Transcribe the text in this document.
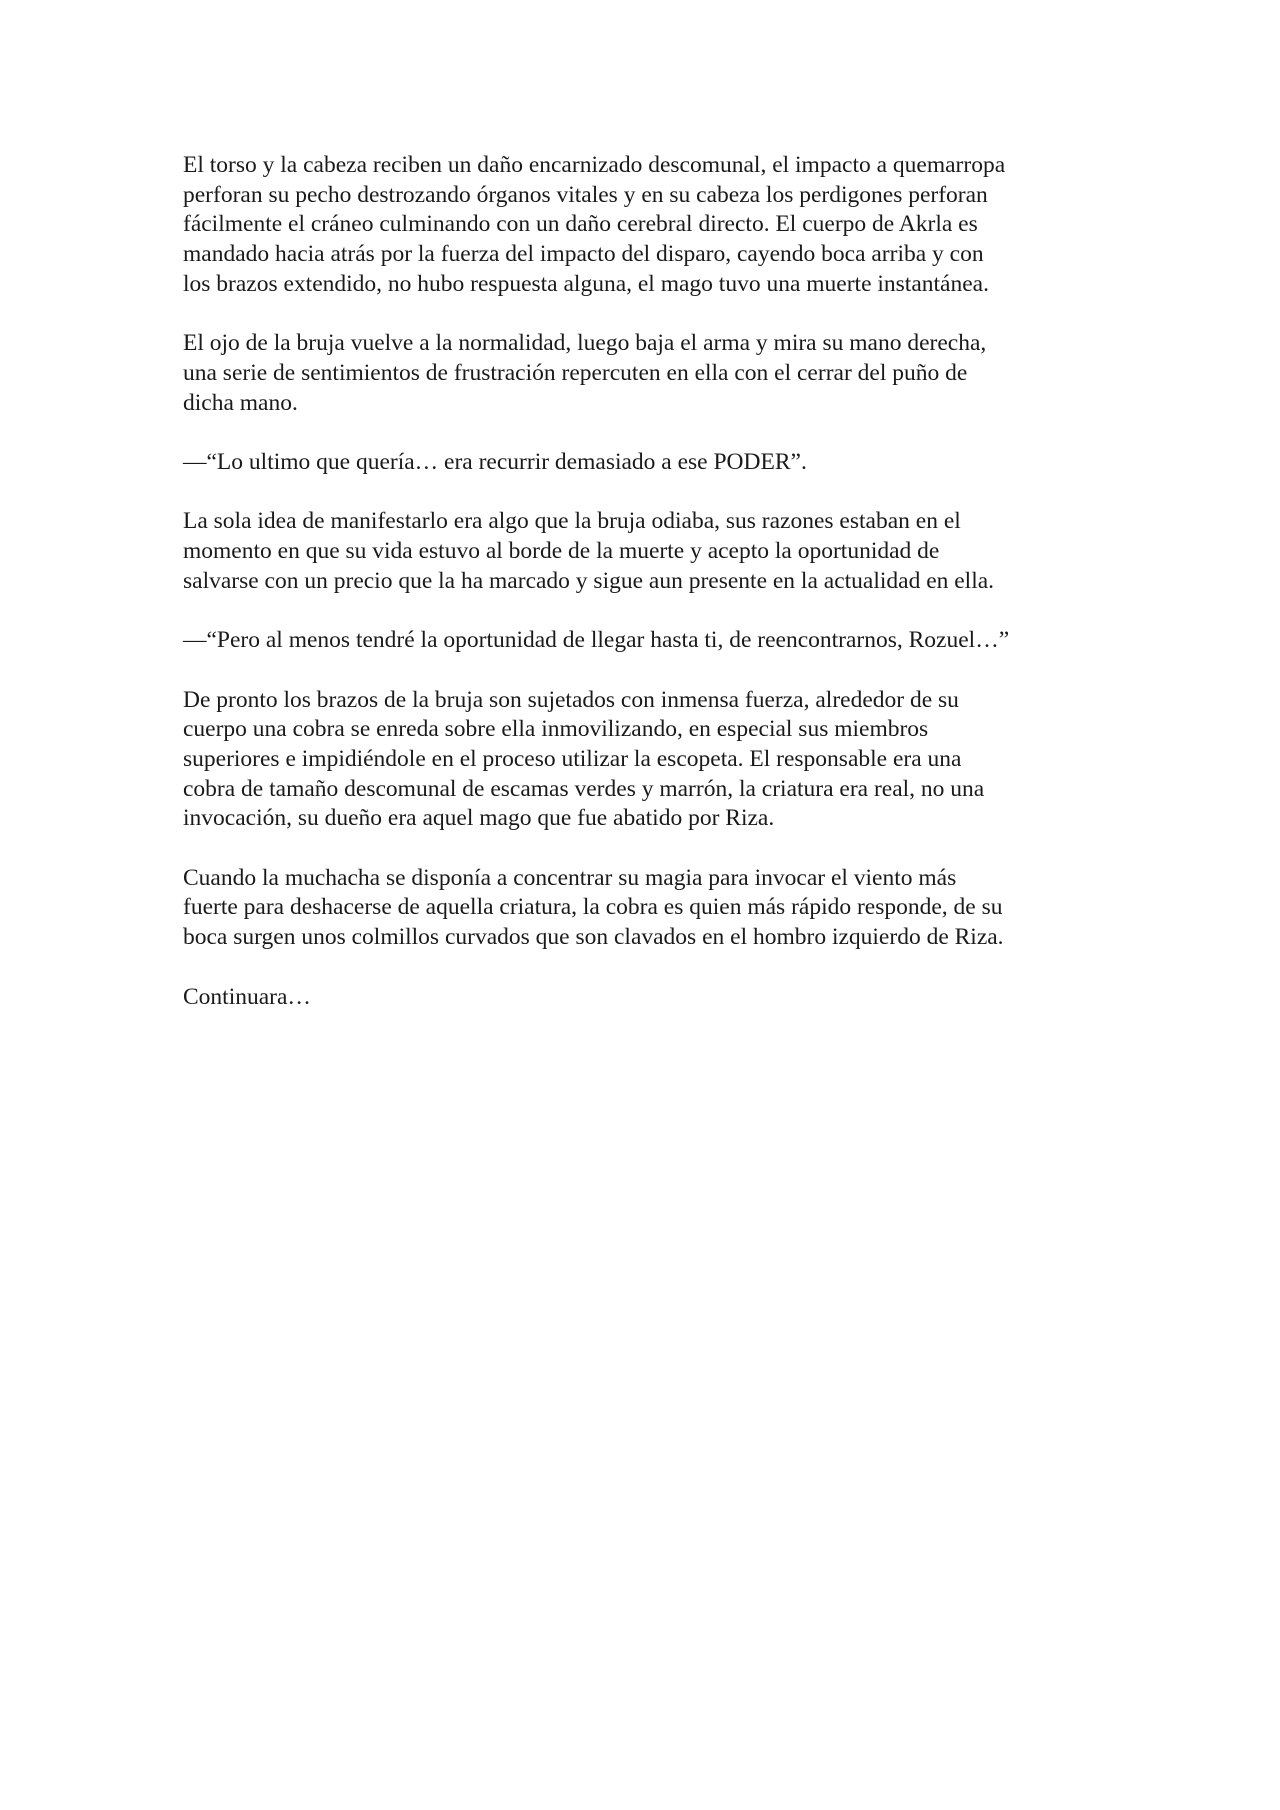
El torso y la cabeza reciben un daño encarnizado descomunal, el impacto a quemarropa
perforan su pecho destrozando órganos vitales y en su cabeza los perdigones perforan
fácilmente el cráneo culminando con un daño cerebral directo. El cuerpo de Akrla es
mandado hacia atrás por la fuerza del impacto del disparo, cayendo boca arriba y con
los brazos extendido, no hubo respuesta alguna, el mago tuvo una muerte instantánea.

El ojo de la bruja vuelve a la normalidad, luego baja el arma y mira su mano derecha,
una serie de sentimientos de frustración repercuten en ella con el cerrar del puño de
dicha mano.

—“Lo ultimo que quería… era recurrir demasiado a ese PODER”.

La sola idea de manifestarlo era algo que la bruja odiaba, sus razones estaban en el
momento en que su vida estuvo al borde de la muerte y acepto la oportunidad de
salvarse con un precio que la ha marcado y sigue aun presente en la actualidad en ella.

—“Pero al menos tendré la oportunidad de llegar hasta ti, de reencontrarnos, Rozuel…”

De pronto los brazos de la bruja son sujetados con inmensa fuerza, alrededor de su
cuerpo una cobra se enreda sobre ella inmovilizando, en especial sus miembros
superiores e impidiéndole en el proceso utilizar la escopeta. El responsable era una
cobra de tamaño descomunal de escamas verdes y marrón, la criatura era real, no una
invocación, su dueño era aquel mago que fue abatido por Riza.

Cuando la muchacha se disponía a concentrar su magia para invocar el viento más
fuerte para deshacerse de aquella criatura, la cobra es quien más rápido responde, de su
boca surgen unos colmillos curvados que son clavados en el hombro izquierdo de Riza.

Continuara…
